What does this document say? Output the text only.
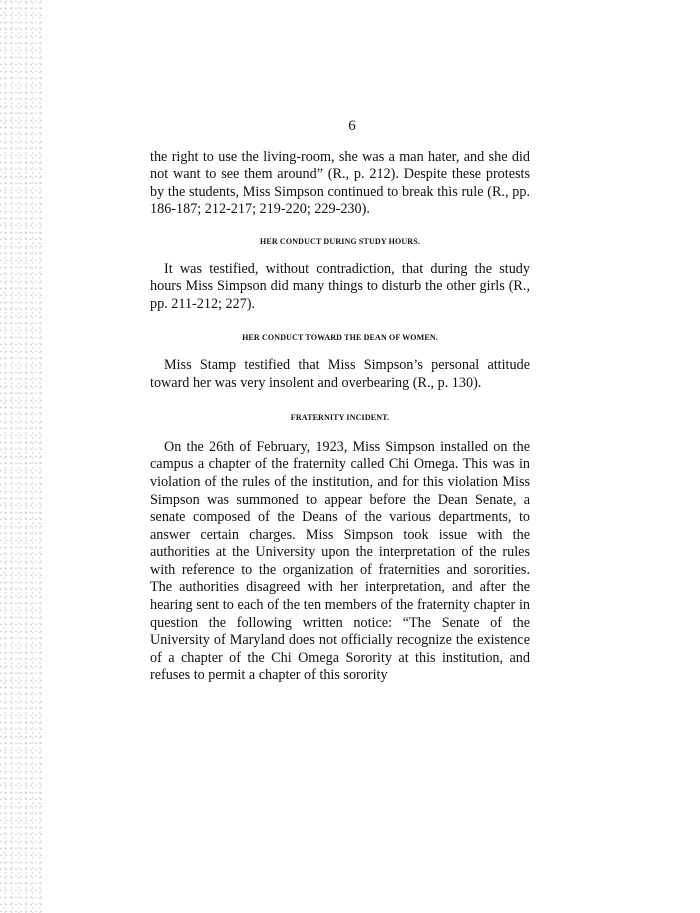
6

the right to use the living-room, she was a man hater, and she did not want to see them around” (R., p. 212). Despite these protests by the students, Miss Simpson continued to break this rule (R., pp. 186-187; 212-217; 219-220; 229-230).

HER CONDUCT DURING STUDY HOURS.

It was testified, without contradiction, that during the study hours Miss Simpson did many things to disturb the other girls (R., pp. 211-212; 227).

HER CONDUCT TOWARD THE DEAN OF WOMEN.

Miss Stamp testified that Miss Simpson’s personal attitude toward her was very insolent and overbearing (R., p. 130).

FRATERNITY INCIDENT.

On the 26th of February, 1923, Miss Simpson installed on the campus a chapter of the fraternity called Chi Omega. This was in violation of the rules of the institution, and for this violation Miss Simpson was summoned to appear before the Dean Senate, a senate composed of the Deans of the various departments, to answer certain charges. Miss Simpson took issue with the authorities at the University upon the interpretation of the rules with reference to the organization of fraternities and sororities. The authorities disagreed with her interpretation, and after the hearing sent to each of the ten members of the fraternity chapter in question the following written notice: “The Senate of the University of Maryland does not officially recognize the existence of a chapter of the Chi Omega Sorority at this institution, and refuses to permit a chapter of this sorority
